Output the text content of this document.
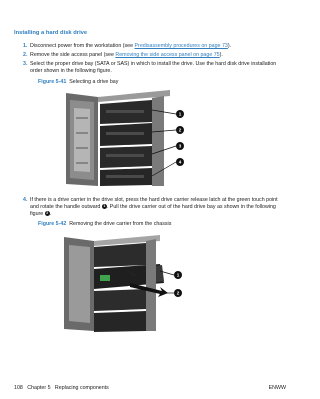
Installing a hard disk drive
1. Disconnect power from the workstation (see Predisassembly procedures on page 73).
2. Remove the side access panel (see Removing the side access panel on page 75).
3. Select the proper drive bay (SATA or SAS) in which to install the drive. Use the hard disk drive installation order shown in the following figure.
Figure 5-41 Selecting a drive bay
1
2
3
4
4. If there is a drive carrier in the drive slot, press the hard drive carrier release latch at the green touch point and rotate the handle outward 1 . Pull the drive carrier out of the hard drive bay as shown in the following figure 2 .
Figure 5-42 Removing the drive carrier from the chassis
1
2
108   Chapter 5   Replacing components	ENWW
